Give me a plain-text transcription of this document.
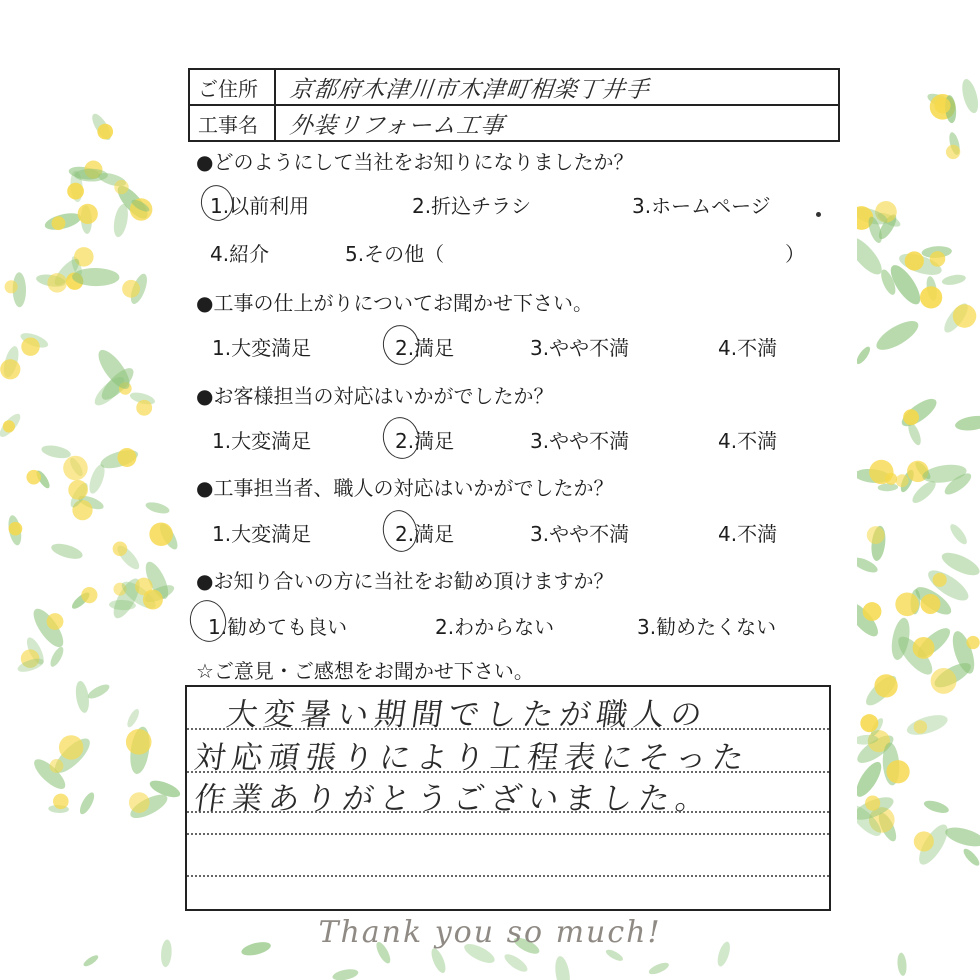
ご住所	京都府木津川市木津町相楽丁井手
工事名	外装リフォーム工事
●どのようにして当社をお知りになりましたか？
1.以前利用	2.折込チラシ	3.ホームページ
4.紹介	5.その他（	）
●工事の仕上がりについてお聞かせ下さい。
1.大変満足	2.満足	3.やや不満	4.不満
●お客様担当の対応はいかがでしたか？
1.大変満足	2.満足	3.やや不満	4.不満
●工事担当者、職人の対応はいかがでしたか？
1.大変満足	2.満足	3.やや不満	4.不満
●お知り合いの方に当社をお勧め頂けますか？
1.勧めても良い	2.わからない	3.勧めたくない
☆ご意見・ご感想をお聞かせ下さい。
大変暑い期間でしたが職人の
対応頑張りにより工程表にそった
作業ありがとうございました。
Thank you so much!
